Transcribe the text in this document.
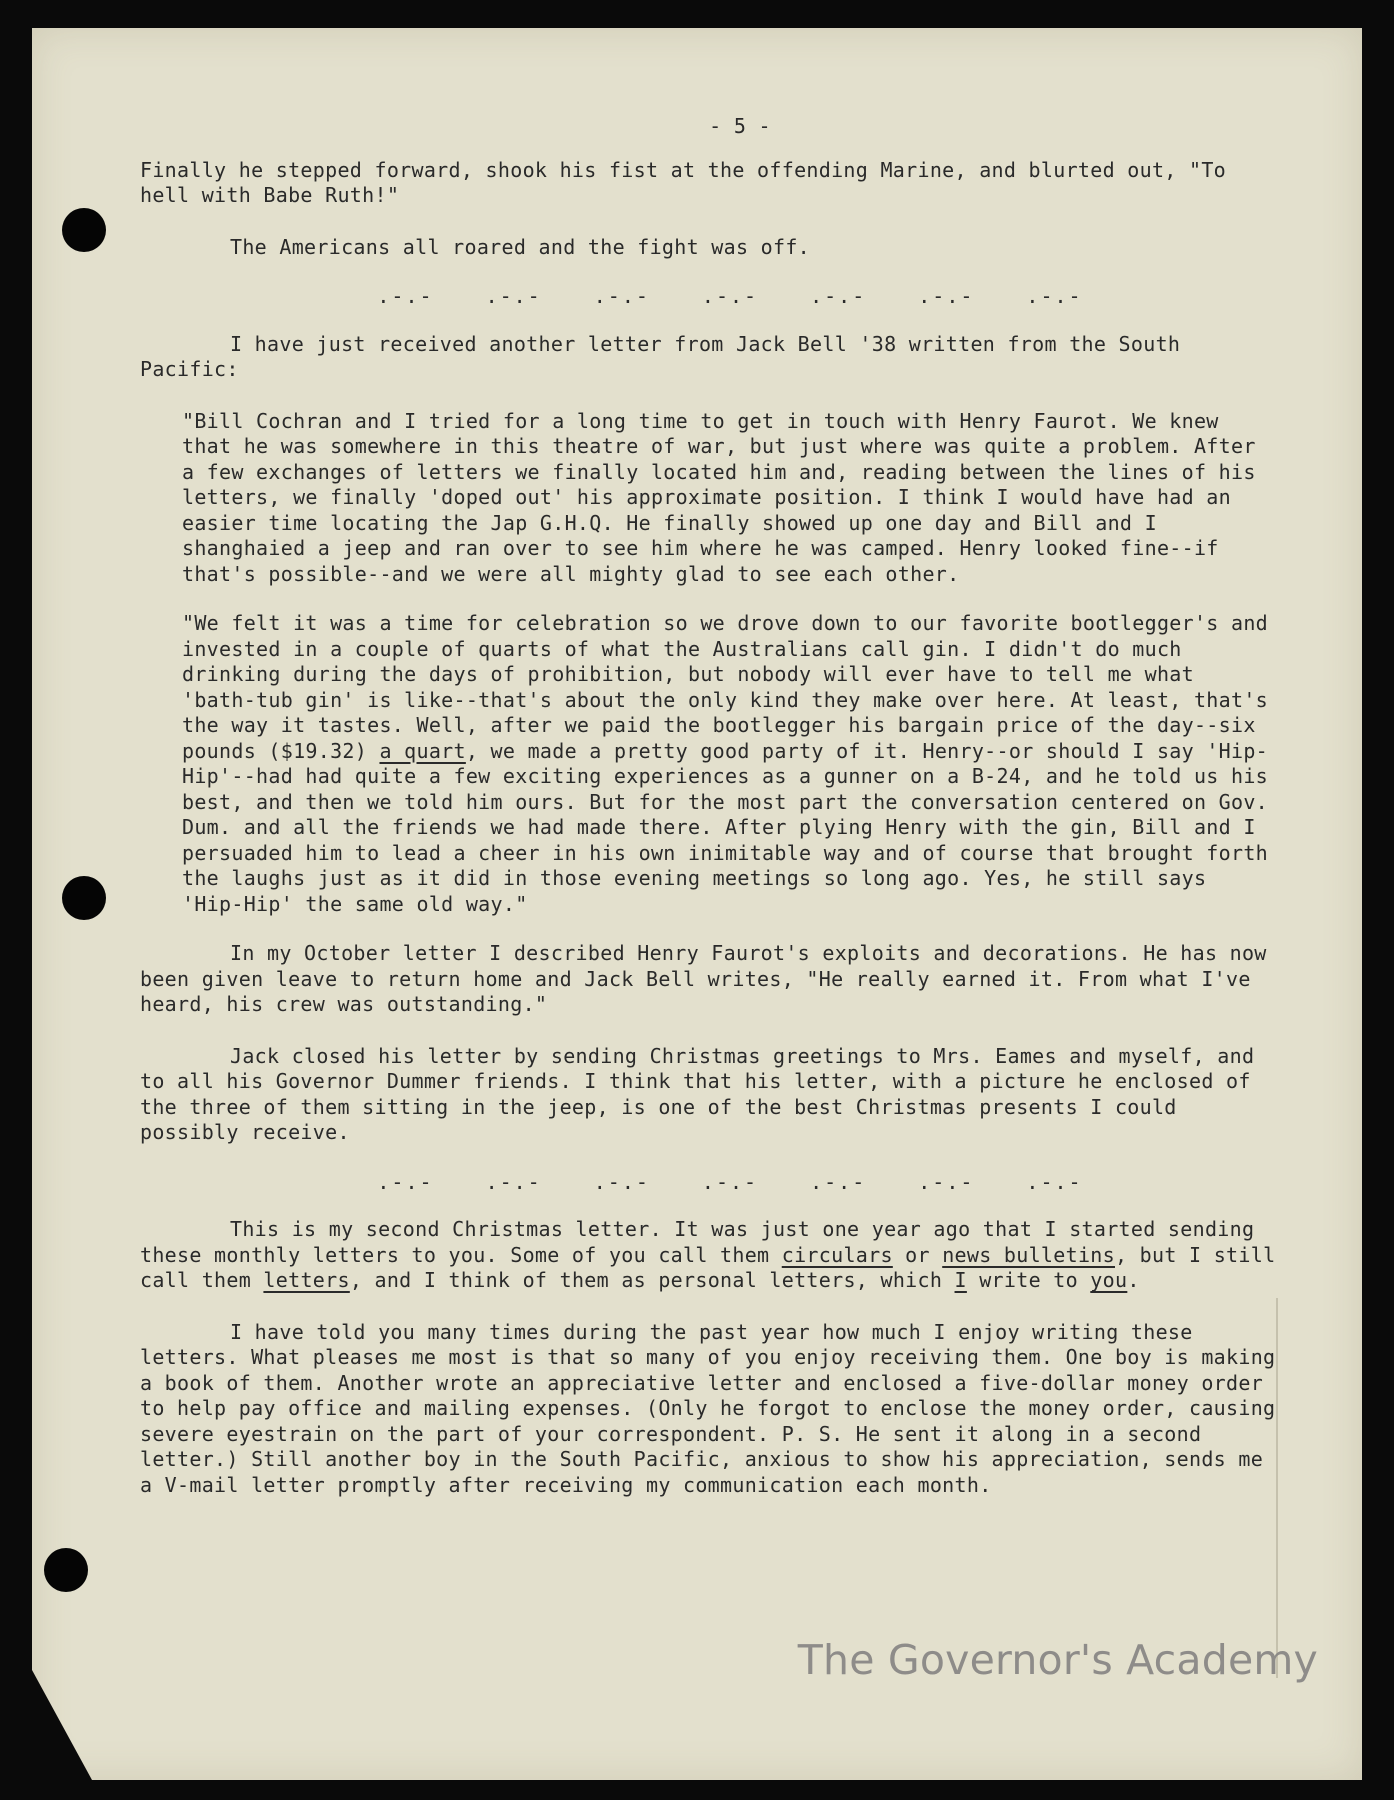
- 5 -

Finally he stepped forward, shook his fist at the offending Marine, and blurted out, "To hell with Babe Ruth!"

The Americans all roared and the fight was off.

.-.-	.-.-	.-.-	.-.-	.-.-	.-.-	.-.-

I have just received another letter from Jack Bell '38 written from the South Pacific:

"Bill Cochran and I tried for a long time to get in touch with Henry Faurot. We knew that he was somewhere in this theatre of war, but just where was quite a problem. After a few exchanges of letters we finally located him and, reading between the lines of his letters, we finally 'doped out' his approximate position. I think I would have had an easier time locating the Jap G.H.Q. He finally showed up one day and Bill and I shanghaied a jeep and ran over to see him where he was camped. Henry looked fine--if that's possible--and we were all mighty glad to see each other.

"We felt it was a time for celebration so we drove down to our favorite bootlegger's and invested in a couple of quarts of what the Australians call gin. I didn't do much drinking during the days of prohibition, but nobody will ever have to tell me what 'bath-tub gin' is like--that's about the only kind they make over here. At least, that's the way it tastes. Well, after we paid the bootlegger his bargain price of the day--six pounds ($19.32) a quart, we made a pretty good party of it. Henry--or should I say 'Hip-Hip'--had had quite a few exciting experiences as a gunner on a B-24, and he told us his best, and then we told him ours. But for the most part the conversation centered on Gov. Dum. and all the friends we had made there. After plying Henry with the gin, Bill and I persuaded him to lead a cheer in his own inimitable way and of course that brought forth the laughs just as it did in those evening meetings so long ago. Yes, he still says 'Hip-Hip' the same old way."

In my October letter I described Henry Faurot's exploits and decorations. He has now been given leave to return home and Jack Bell writes, "He really earned it. From what I've heard, his crew was outstanding."

Jack closed his letter by sending Christmas greetings to Mrs. Eames and myself, and to all his Governor Dummer friends. I think that his letter, with a picture he enclosed of the three of them sitting in the jeep, is one of the best Christmas presents I could possibly receive.

.-.-	.-.-	.-.-	.-.-	.-.-	.-.-	.-.-

This is my second Christmas letter. It was just one year ago that I started sending these monthly letters to you. Some of you call them circulars or news bulletins, but I still call them letters, and I think of them as personal letters, which I write to you.

I have told you many times during the past year how much I enjoy writing these letters. What pleases me most is that so many of you enjoy receiving them. One boy is making a book of them. Another wrote an appreciative letter and enclosed a five-dollar money order to help pay office and mailing expenses. (Only he forgot to enclose the money order, causing severe eyestrain on the part of your correspondent. P. S. He sent it along in a second letter.) Still another boy in the South Pacific, anxious to show his appreciation, sends me a V-mail letter promptly after receiving my communication each month.

The Governor's Academy
